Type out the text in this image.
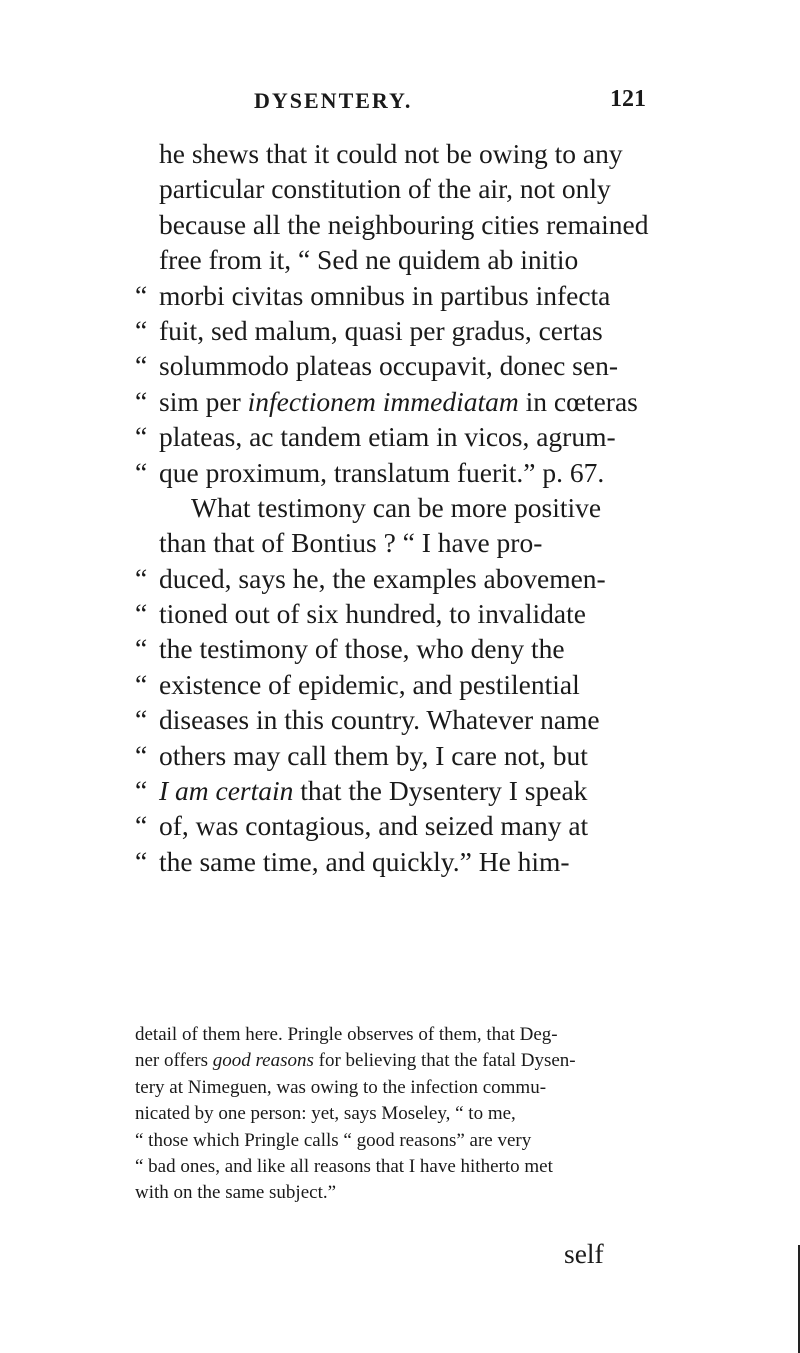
DYSENTERY.	121
he shews that it could not be owing to any
particular constitution of the air, not only
because all the neighbouring cities remained
free from it, “ Sed ne quidem ab initio
“ morbi civitas omnibus in partibus infecta
“ fuit, sed malum, quasi per gradus, certas
“ solummodo plateas occupavit, donec sen-
“ sim per infectionem immediatam in cœteras
“ plateas, ac tandem etiam in vicos, agrum-
“ que proximum, translatum fuerit.” p. 67.
What testimony can be more positive
than that of Bontius ? “ I have pro-
“ duced, says he, the examples abovemen-
“ tioned out of six hundred, to invalidate
“ the testimony of those, who deny the
“ existence of epidemic, and pestilential
“ diseases in this country. Whatever name
“ others may call them by, I care not, but
“ I am certain that the Dysentery I speak
“ of, was contagious, and seized many at
“ the same time, and quickly.” He him-
detail of them here. Pringle observes of them, that Deg-
ner offers good reasons for believing that the fatal Dysen-
tery at Nimeguen, was owing to the infection commu-
nicated by one person: yet, says Moseley, “ to me,
“ those which Pringle calls “ good reasons” are very
“ bad ones, and like all reasons that I have hitherto met
with on the same subject.”
self
